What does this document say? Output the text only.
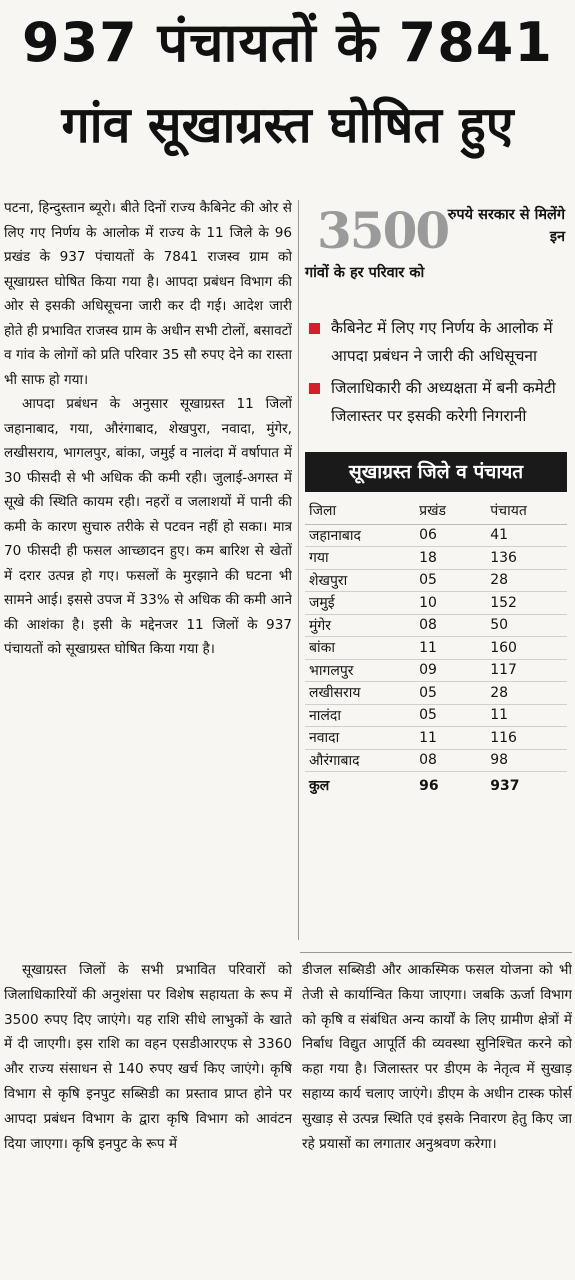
937 पंचायतों के 7841
गांव सूखाग्रस्त घोषित हुए

पटना, हिन्दुस्तान ब्यूरो। बीते दिनों राज्य कैबिनेट की ओर से लिए गए निर्णय के आलोक में राज्य के 11 जिले के 96 प्रखंड के 937 पंचायतों के 7841 राजस्व ग्राम को सूखाग्रस्त घोषित किया गया है। आपदा प्रबंधन विभाग की ओर से इसकी अधिसूचना जारी कर दी गई। आदेश जारी होते ही प्रभावित राजस्व ग्राम के अधीन सभी टोलों, बसावटों व गांव के लोगों को प्रति परिवार 35 सौ रुपए देने का रास्ता भी साफ हो गया।

आपदा प्रबंधन के अनुसार सूखाग्रस्त 11 जिलों जहानाबाद, गया, औरंगाबाद, शेखपुरा, नवादा, मुंगेर, लखीसराय, भागलपुर, बांका, जमुई व नालंदा में वर्षापात में 30 फीसदी से भी अधिक की कमी रही। जुलाई-अगस्त में सूखे की स्थिति कायम रही। नहरों व जलाशयों में पानी की कमी के कारण सुचारु तरीके से पटवन नहीं हो सका। मात्र 70 फीसदी ही फसल आच्छादन हुए। कम बारिश से खेतों में दरार उत्पन्न हो गए। फसलों के मुरझाने की घटना भी सामने आई। इससे उपज में 33% से अधिक की कमी आने की आशंका है। इसी के मद्देनजर 11 जिलों के 937 पंचायतों को सूखाग्रस्त घोषित किया गया है।

3500 रुपये सरकार से मिलेंगे इन
गांवों के हर परिवार को
कैबिनेट में लिए गए निर्णय के आलोक में आपदा प्रबंधन ने जारी की अधिसूचना
जिलाधिकारी की अध्यक्षता में बनी कमेटी जिलास्तर पर इसकी करेगी निगरानी
सूखाग्रस्त जिले व पंचायत
जिला	प्रखंड	पंचायत
जहानाबाद	06	41
गया	18	136
शेखपुरा	05	28
जमुई	10	152
मुंगेर	08	50
बांका	11	160
भागलपुर	09	117
लखीसराय	05	28
नालंदा	05	11
नवादा	11	116
औरंगाबाद	08	98
कुल	96	937

सूखाग्रस्त जिलों के सभी प्रभावित परिवारों को जिलाधिकारियों की अनुशंसा पर विशेष सहायता के रूप में 3500 रुपए दिए जाएंगे। यह राशि सीधे लाभुकों के खाते में दी जाएगी। इस राशि का वहन एसडीआरएफ से 3360 और राज्य संसाधन से 140 रुपए खर्च किए जाएंगे। कृषि विभाग से कृषि इनपुट सब्सिडी का प्रस्ताव प्राप्त होने पर आपदा प्रबंधन विभाग के द्वारा कृषि विभाग को आवंटन दिया जाएगा। कृषि इनपुट के रूप में

डीजल सब्सिडी और आकस्मिक फसल योजना को भी तेजी से कार्यान्वित किया जाएगा। जबकि ऊर्जा विभाग को कृषि व संबंधित अन्य कार्यों के लिए ग्रामीण क्षेत्रों में निर्बाध विद्युत आपूर्ति की व्यवस्था सुनिश्चित करने को कहा गया है। जिलास्तर पर डीएम के नेतृत्व में सुखाड़ सहाय्य कार्य चलाए जाएंगे। डीएम के अधीन टास्क फोर्स सुखाड़ से उत्पन्न स्थिति एवं इसके निवारण हेतु किए जा रहे प्रयासों का लगातार अनुश्रवण करेगा।
